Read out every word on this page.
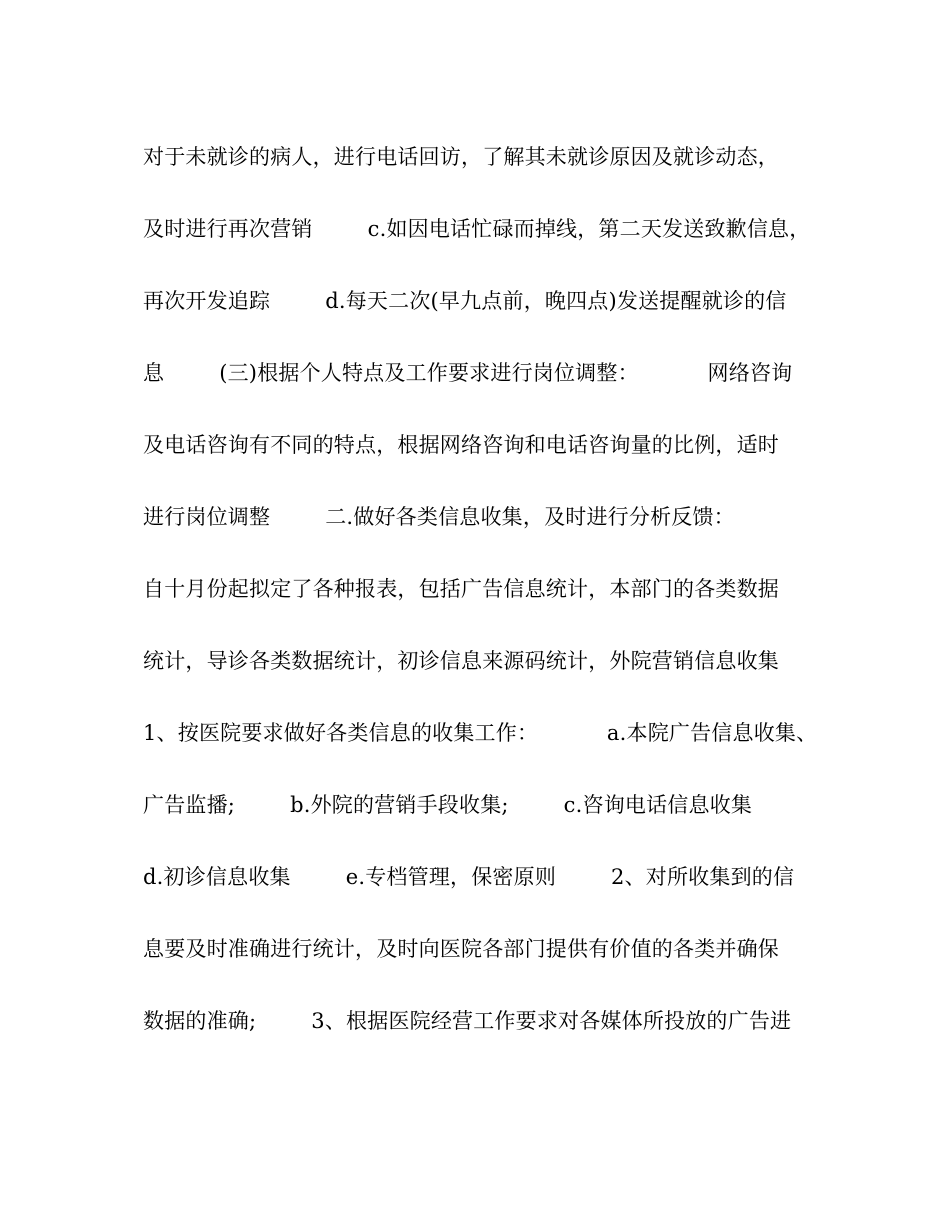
对于未就诊的病人，进行电话回访，了解其未就诊原因及就诊动态，
及时进行再次营销        c.如因电话忙碌而掉线，第二天发送致歉信息，
再次开发追踪        d.每天二次(早九点前，晚四点)发送提醒就诊的信
息        (三)根据个人特点及工作要求进行岗位调整：          网络咨询
及电话咨询有不同的特点，根据网络咨询和电话咨询量的比例，适时
进行岗位调整        二.做好各类信息收集，及时进行分析反馈：
自十月份起拟定了各种报表，包括广告信息统计，本部门的各类数据
统计，导诊各类数据统计，初诊信息来源码统计，外院营销信息收集
1、按医院要求做好各类信息的收集工作：          a.本院广告信息收集、
广告监播;        b.外院的营销手段收集;        c.咨询电话信息收集
d.初诊信息收集        e.专档管理，保密原则        2、对所收集到的信
息要及时准确进行统计，及时向医院各部门提供有价值的各类并确保
数据的准确;        3、根据医院经营工作要求对各媒体所投放的广告进
